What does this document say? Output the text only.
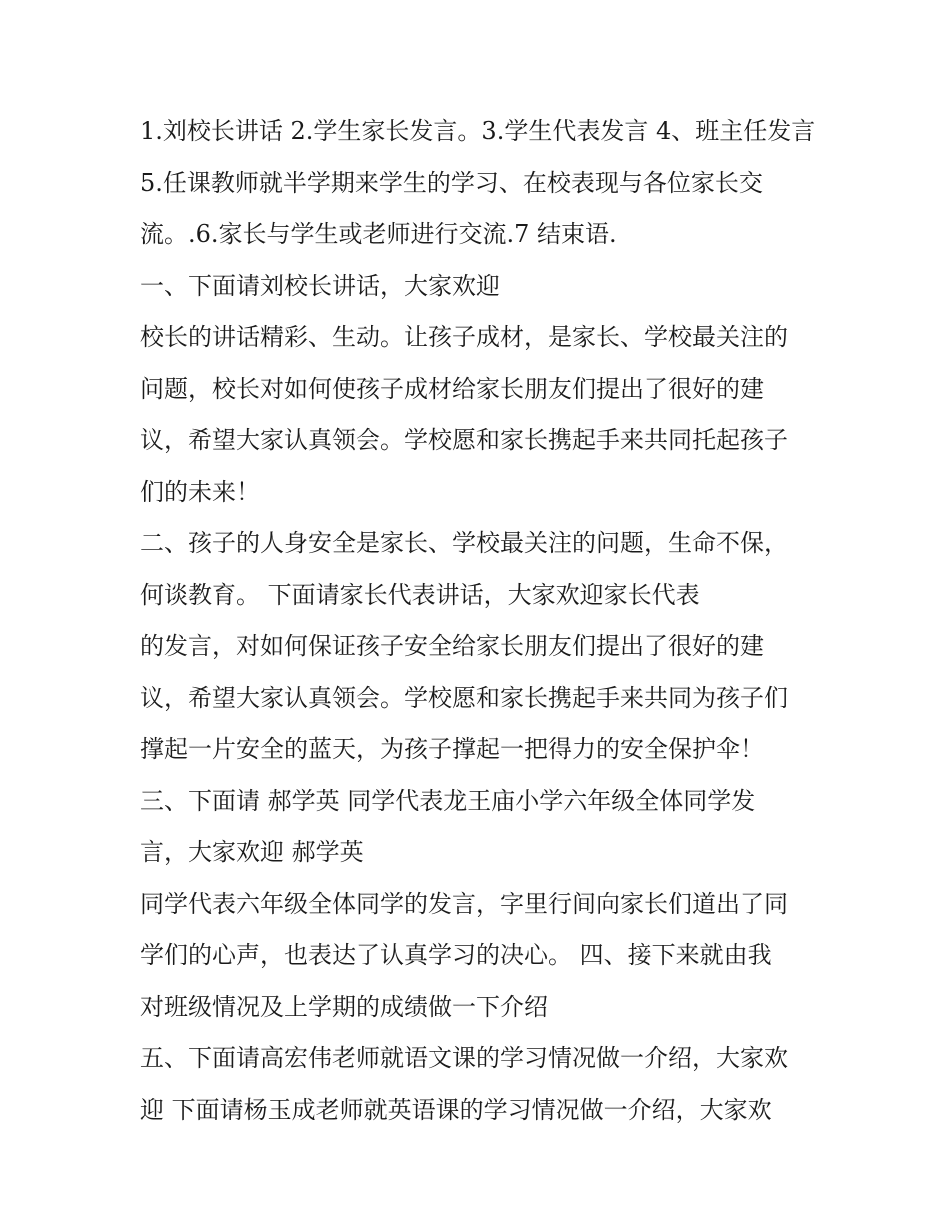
1.刘校长讲话 2.学生家长发言。3.学生代表发言 4、班主任发言
5.任课教师就半学期来学生的学习、在校表现与各位家长交
流。.6.家长与学生或老师进行交流.7 结束语.
一、下面请刘校长讲话，大家欢迎
校长的讲话精彩、生动。让孩子成材，是家长、学校最关注的
问题，校长对如何使孩子成材给家长朋友们提出了很好的建
议，希望大家认真领会。学校愿和家长携起手来共同托起孩子
们的未来！
二、孩子的人身安全是家长、学校最关注的问题，生命不保，
何谈教育。 下面请家长代表讲话，大家欢迎家长代表
的发言，对如何保证孩子安全给家长朋友们提出了很好的建
议，希望大家认真领会。学校愿和家长携起手来共同为孩子们
撑起一片安全的蓝天，为孩子撑起一把得力的安全保护伞！
三、下面请 郝学英 同学代表龙王庙小学六年级全体同学发
言，大家欢迎 郝学英
同学代表六年级全体同学的发言，字里行间向家长们道出了同
学们的心声，也表达了认真学习的决心。 四、接下来就由我
对班级情况及上学期的成绩做一下介绍
五、下面请高宏伟老师就语文课的学习情况做一介绍，大家欢
迎 下面请杨玉成老师就英语课的学习情况做一介绍，大家欢
